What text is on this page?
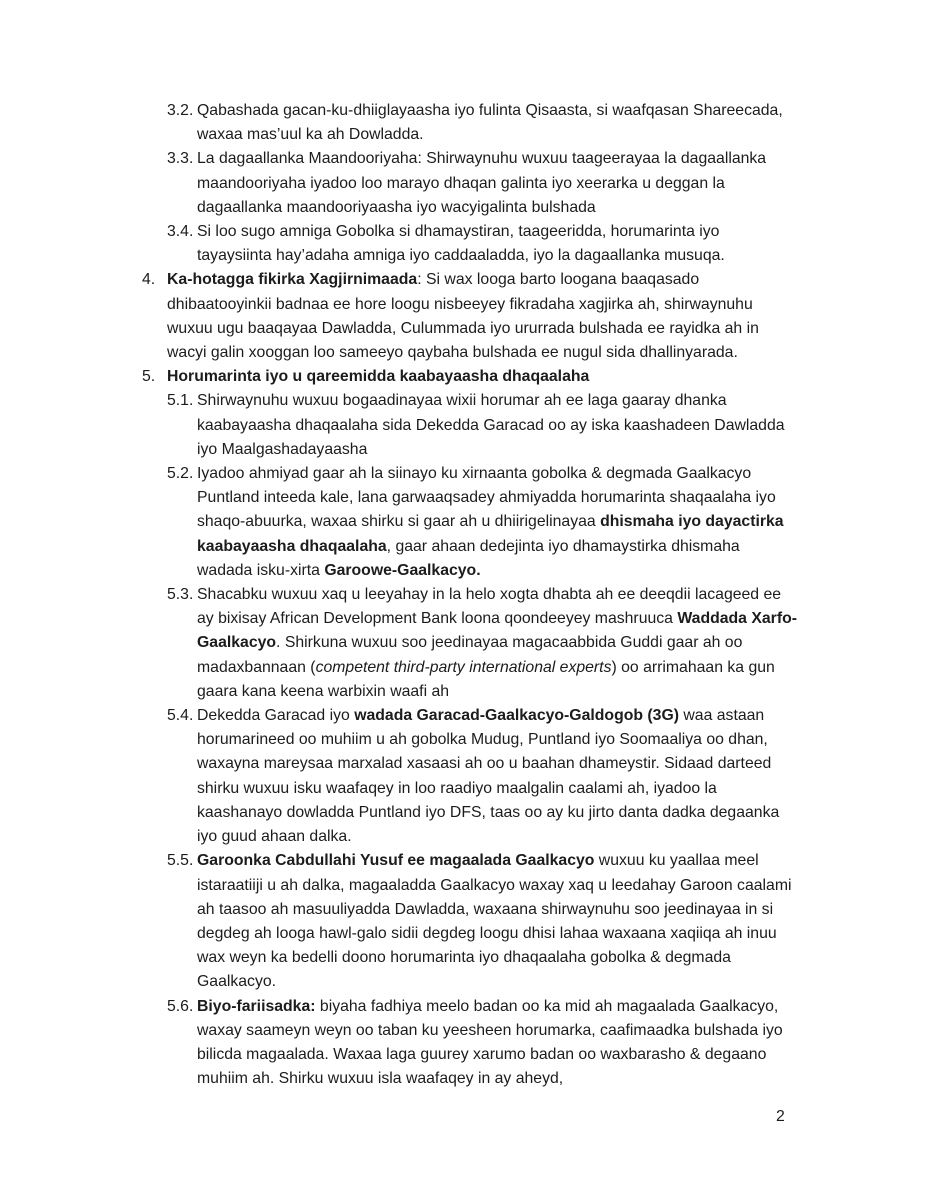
3.2. Qabashada gacan-ku-dhiiglayaasha iyo fulinta Qisaasta, si waafqasan Shareecada, waxaa mas’uul ka ah Dowladda.
3.3. La dagaallanka Maandooriyaha: Shirwaynuhu wuxuu taageerayaa la dagaallanka maandooriyaha iyadoo loo marayo dhaqan galinta iyo xeerarka u deggan la dagaallanka maandooriyaasha iyo wacyigalinta bulshada
3.4. Si loo sugo amniga Gobolka si dhamaystiran, taageeridda, horumarinta iyo tayaysiinta hay’adaha amniga iyo caddaaladda, iyo la dagaallanka musuqa.
4. Ka-hotagga fikirka Xagjirnimaada: Si wax looga barto loogana baaqasado dhibaatooyinkii badnaa ee hore loogu nisbeeyey fikradaha xagjirka ah, shirwaynuhu wuxuu ugu baaqayaa Dawladda, Culummada iyo ururrada bulshada ee rayidka ah in wacyi galin xooggan loo sameeyo qaybaha bulshada ee nugul sida dhallinyarada.
5. Horumarinta iyo u qareemidda kaabayaasha dhaqaalaha
5.1. Shirwaynuhu wuxuu bogaadinayaa wixii horumar ah ee laga gaaray dhanka kaabayaasha dhaqaalaha sida Dekedda Garacad oo ay iska kaashadeen Dawladda iyo Maalgashadayaasha
5.2. Iyadoo ahmiyad gaar ah la siinayo ku xirnaanta gobolka & degmada Gaalkacyo Puntland inteeda kale, lana garwaaqsadey ahmiyadda horumarinta shaqaalaha iyo shaqo-abuurka, waxaa shirku si gaar ah u dhiirigelinayaa dhismaha iyo dayactirka kaabayaasha dhaqaalaha, gaar ahaan dedejinta iyo dhamaystirka dhismaha wadada isku-xirta Garoowe-Gaalkacyo.
5.3. Shacabku wuxuu xaq u leeyahay in la helo xogta dhabta ah ee deeqdii lacageed ee ay bixisay African Development Bank loona qoondeeyey mashruuca Waddada Xarfo-Gaalkacyo. Shirkuna wuxuu soo jeedinayaa magacaabbida Guddi gaar ah oo madaxbannaan (competent third-party international experts) oo arrimahaan ka gun gaara kana keena warbixin waafi ah
5.4. Dekedda Garacad iyo wadada Garacad-Gaalkacyo-Galdogob (3G) waa astaan horumarineed oo muhiim u ah gobolka Mudug, Puntland iyo Soomaaliya oo dhan, waxayna mareysaa marxalad xasaasi ah oo u baahan dhameystir. Sidaad darteed shirku wuxuu isku waafaqey in loo raadiyo maalgalin caalami ah, iyadoo la kaashanayo dowladda Puntland iyo DFS, taas oo ay ku jirto danta dadka degaanka iyo guud ahaan dalka.
5.5. Garoonka Cabdullahi Yusuf ee magaalada Gaalkacyo wuxuu ku yaallaa meel istaraatiiji u ah dalka, magaaladda Gaalkacyo waxay xaq u leedahay Garoon caalami ah taasoo ah masuuliyadda Dawladda, waxaana shirwaynuhu soo jeedinayaa in si degdeg ah looga hawl-galo sidii degdeg loogu dhisi lahaa waxaana xaqiiqa ah inuu wax weyn ka bedelli doono horumarinta iyo dhaqaalaha gobolka & degmada Gaalkacyo.
5.6. Biyo-fariisadka: biyaha fadhiya meelo badan oo ka mid ah magaalada Gaalkacyo, waxay saameyn weyn oo taban ku yeesheen horumarka, caafimaadka bulshada iyo bilicda magaalada. Waxaa laga guurey xarumo badan oo waxbarasho & degaano muhiim ah. Shirku wuxuu isla waafaqey in ay aheyd,
2
